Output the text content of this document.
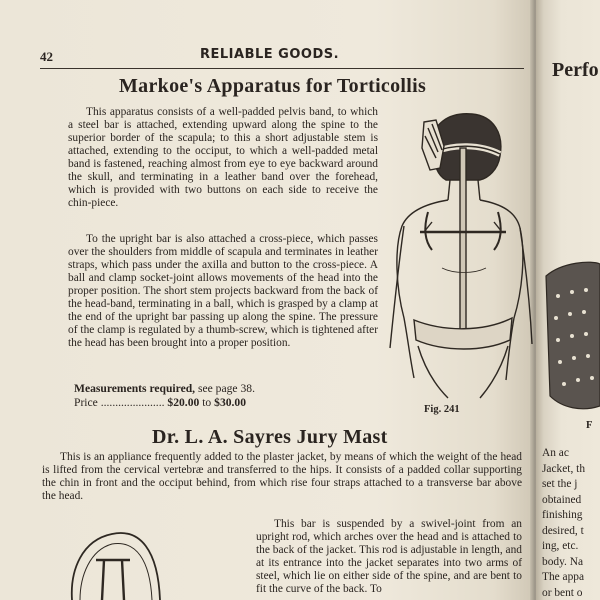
42	RELIABLE GOODS.
Markoe's Apparatus for Torticollis
This apparatus consists of a well-padded pelvis band, to which a steel bar is attached, extending upward along the spine to the superior border of the scapula; to this a short adjustable stem is attached, extending to the occiput, to which a well-padded metal band is fastened, reaching almost from eye to eye backward around the skull, and terminating in a leather band over the forehead, which is provided with two buttons on each side to receive the chin-piece.
To the upright bar is also attached a cross-piece, which passes over the shoulders from middle of scapula and terminates in leather straps, which pass under the axilla and button to the cross-piece. A ball and clamp socket-joint allows movements of the head into the proper position. The short stem projects backward from the back of the head-band, terminating in a ball, which is grasped by a clamp at the end of the upright bar passing up along the spine. The pressure of the clamp is regulated by a thumb-screw, which is tightened after the head has been brought into a proper position.
Measurements required, see page 38.
Price ...................... $20.00 to $30.00
Fig. 241
Dr. L. A. Sayres Jury Mast
This is an appliance frequently added to the plaster jacket, by means of which the weight of the head is lifted from the cervical vertebræ and transferred to the hips. It consists of a padded collar supporting the chin in front and the occiput behind, from which rise four straps attached to a transverse bar above the head.
This bar is suspended by a swivel-joint from an upright rod, which arches over the head and is attached to the back of the jacket. This rod is adjustable in length, and at its entrance into the jacket separates into two arms of steel, which lie on either side of the spine, and are bent to fit the curve of the back. To
Perfo
F
An ac
Jacket, th
set the j
obtained
finishing
desired, t
ing, etc.
body. Na
The appa
or bent o
